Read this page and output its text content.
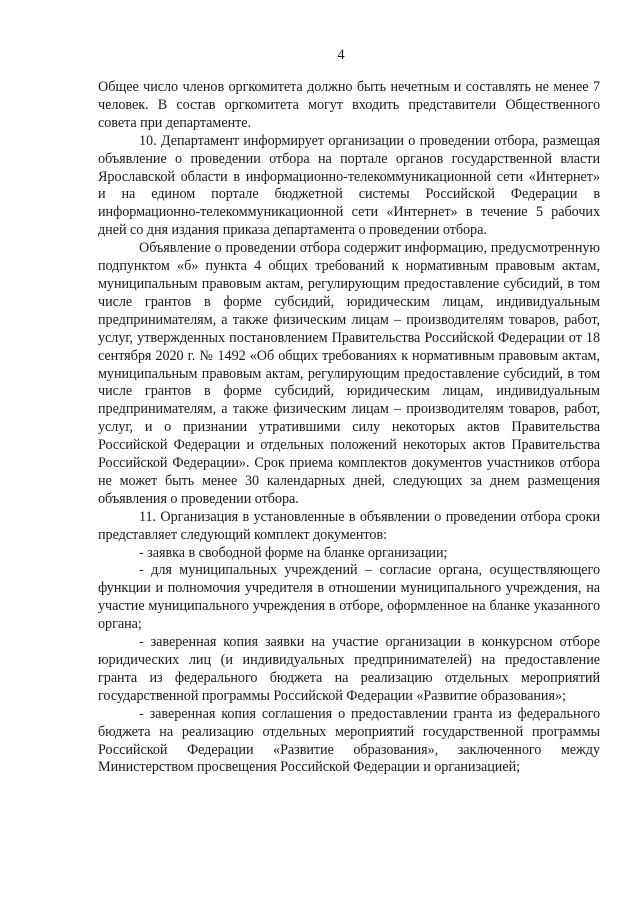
4

Общее число членов оргкомитета должно быть нечетным и составлять не менее 7 человек. В состав оргкомитета могут входить представители Общественного совета при департаменте.

10. Департамент информирует организации о проведении отбора, размещая объявление о проведении отбора на портале органов государственной власти Ярославской области в информационно-телекоммуникационной сети «Интернет» и на едином портале бюджетной системы Российской Федерации в информационно-телекоммуникационной сети «Интернет» в течение 5 рабочих дней со дня издания приказа департамента о проведении отбора.

Объявление о проведении отбора содержит информацию, предусмотренную подпунктом «б» пункта 4 общих требований к нормативным правовым актам, муниципальным правовым актам, регулирующим предоставление субсидий, в том числе грантов в форме субсидий, юридическим лицам, индивидуальным предпринимателям, а также физическим лицам – производителям товаров, работ, услуг, утвержденных постановлением Правительства Российской Федерации от 18 сентября 2020 г. № 1492 «Об общих требованиях к нормативным правовым актам, муниципальным правовым актам, регулирующим предоставление субсидий, в том числе грантов в форме субсидий, юридическим лицам, индивидуальным предпринимателям, а также физическим лицам – производителям товаров, работ, услуг, и о признании утратившими силу некоторых актов Правительства Российской Федерации и отдельных положений некоторых актов Правительства Российской Федерации». Срок приема комплектов документов участников отбора не может быть менее 30 календарных дней, следующих за днем размещения объявления о проведении отбора.

11. Организация в установленные в объявлении о проведении отбора сроки представляет следующий комплект документов:

- заявка в свободной форме на бланке организации;

- для муниципальных учреждений – согласие органа, осуществляющего функции и полномочия учредителя в отношении муниципального учреждения, на участие муниципального учреждения в отборе, оформленное на бланке указанного органа;

- заверенная копия заявки на участие организации в конкурсном отборе юридических лиц (и индивидуальных предпринимателей) на предоставление гранта из федерального бюджета на реализацию отдельных мероприятий государственной программы Российской Федерации «Развитие образования»;

- заверенная копия соглашения о предоставлении гранта из федерального бюджета на реализацию отдельных мероприятий государственной программы Российской Федерации «Развитие образования», заключенного между Министерством просвещения Российской Федерации и организацией;
